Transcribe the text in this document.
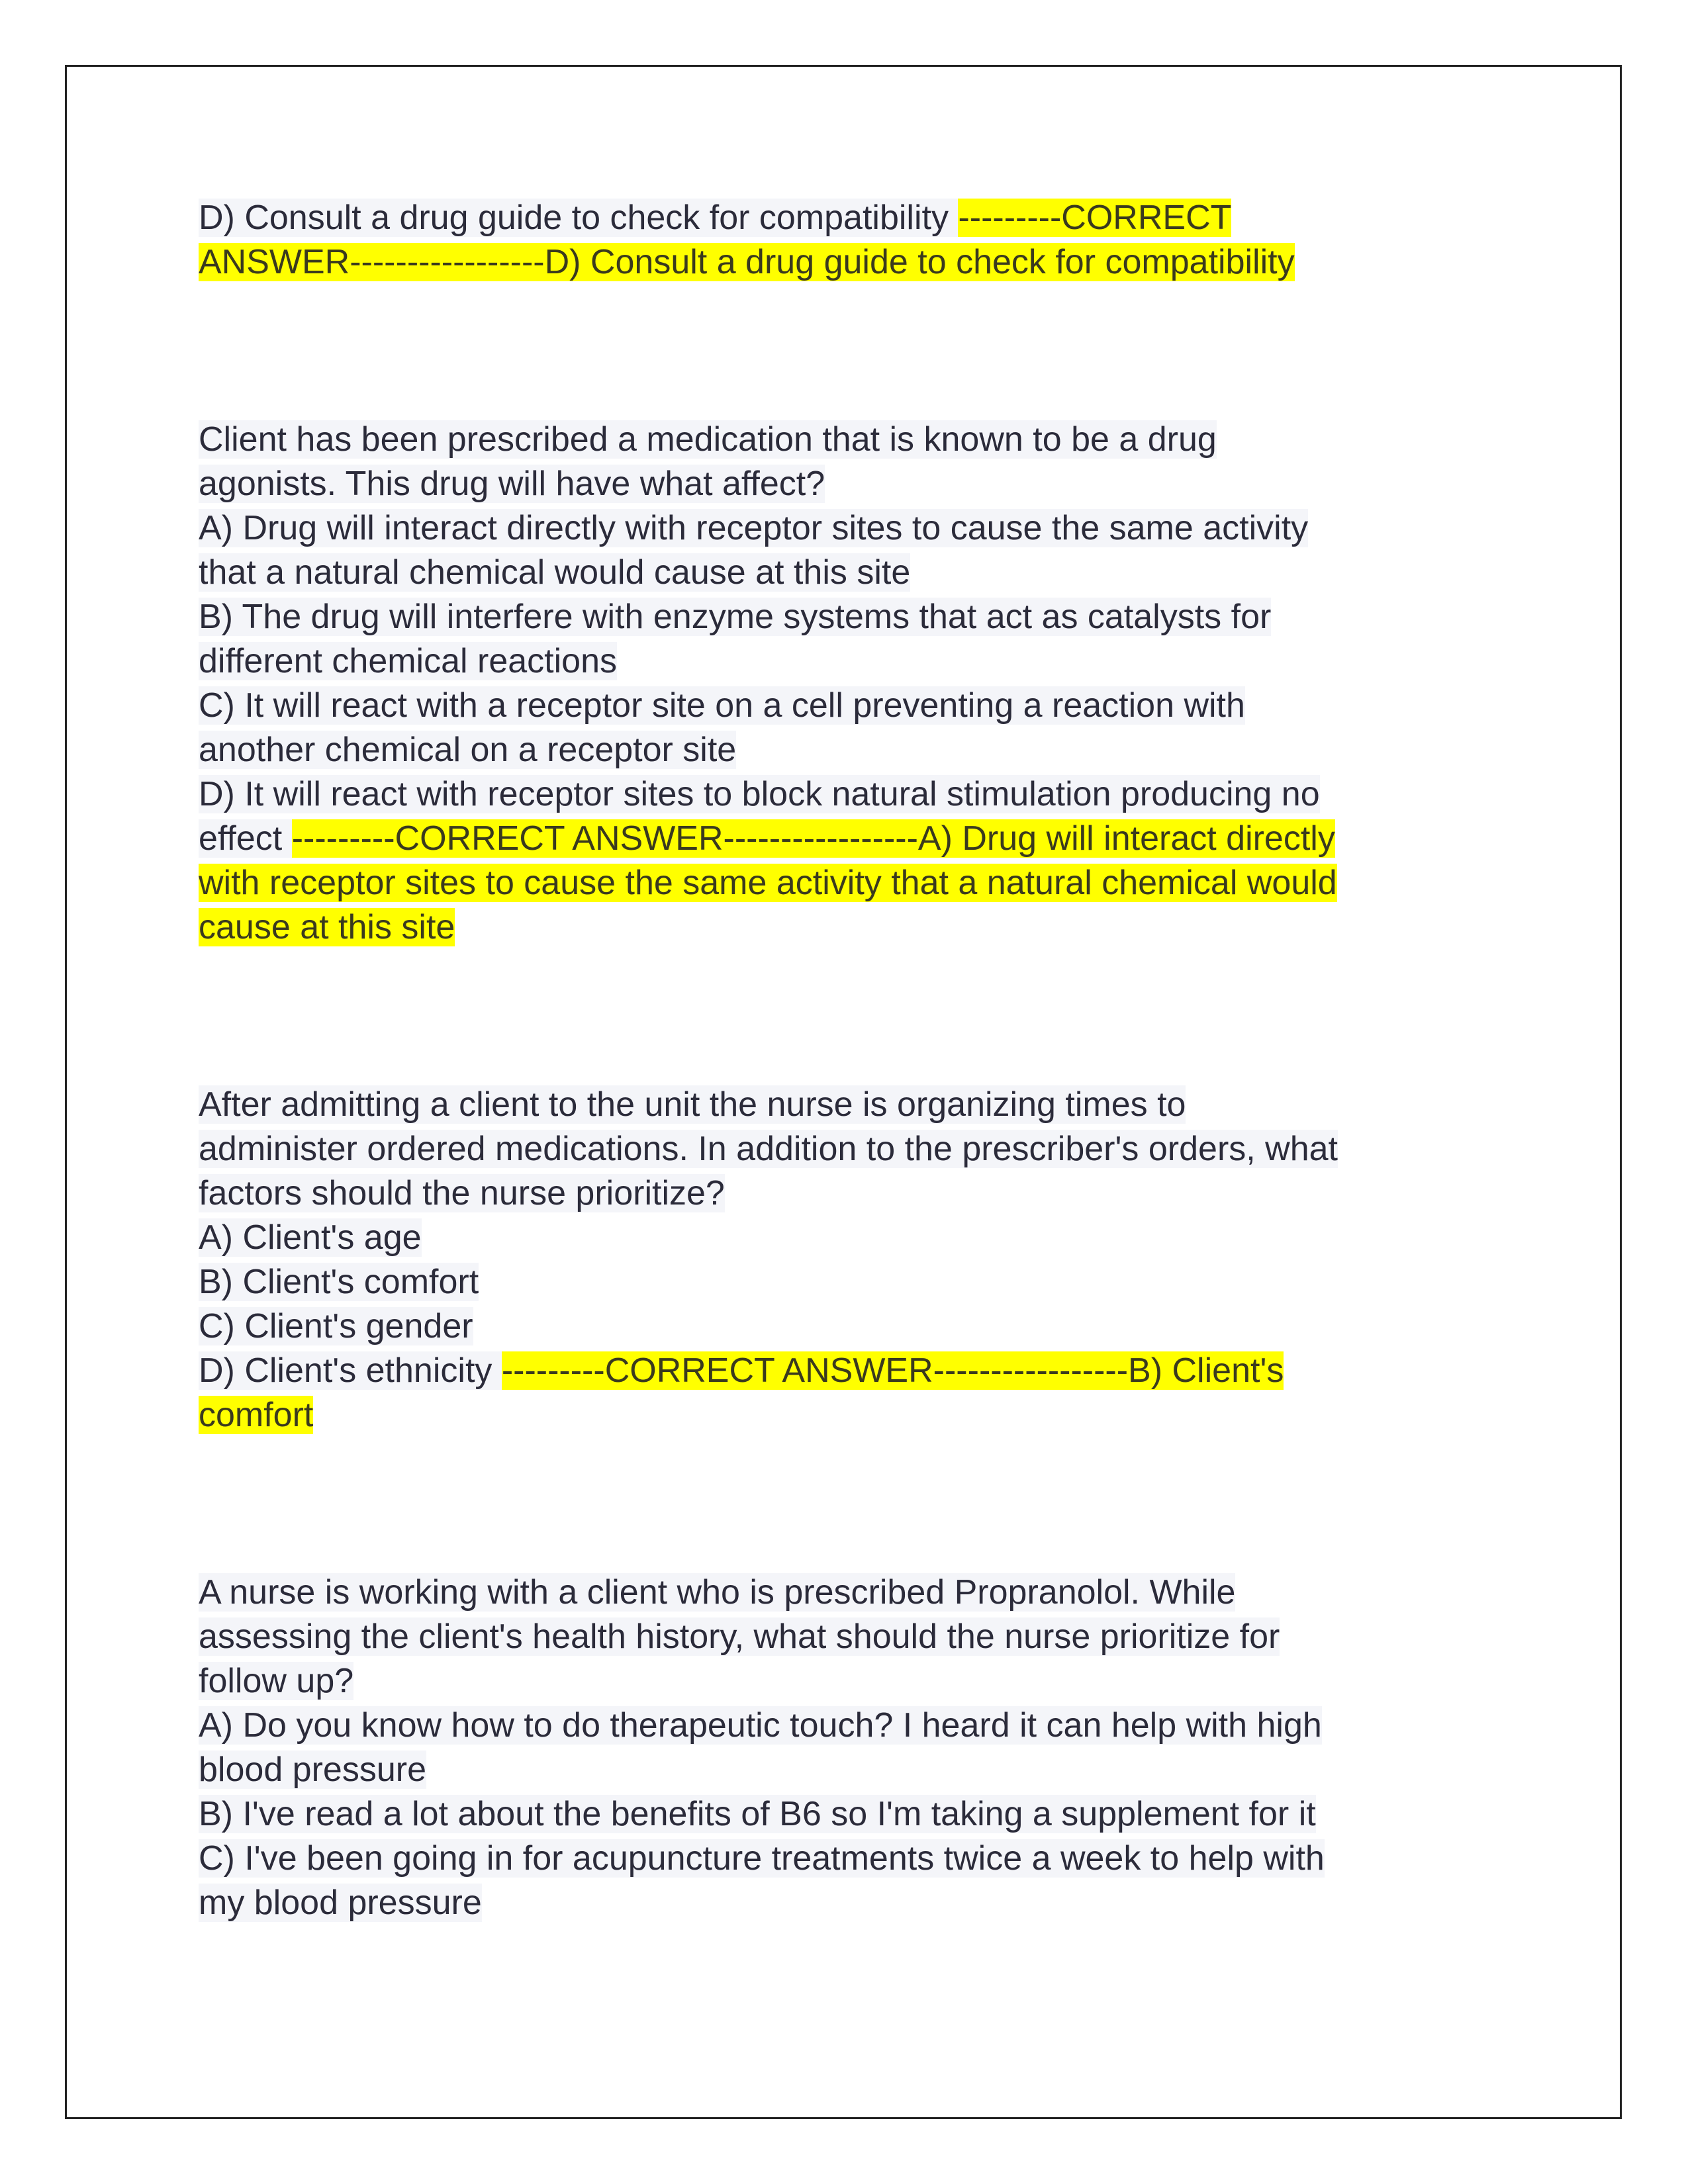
D) Consult a drug guide to check for compatibility ---------CORRECT
ANSWER-----------------D) Consult a drug guide to check for compatibility
Client has been prescribed a medication that is known to be a drug
agonists. This drug will have what affect?
A) Drug will interact directly with receptor sites to cause the same activity
that a natural chemical would cause at this site
B) The drug will interfere with enzyme systems that act as catalysts for
different chemical reactions
C) It will react with a receptor site on a cell preventing a reaction with
another chemical on a receptor site
D) It will react with receptor sites to block natural stimulation producing no
effect ---------CORRECT ANSWER-----------------A) Drug will interact directly
with receptor sites to cause the same activity that a natural chemical would
cause at this site
After admitting a client to the unit the nurse is organizing times to
administer ordered medications. In addition to the prescriber's orders, what
factors should the nurse prioritize?
A) Client's age
B) Client's comfort
C) Client's gender
D) Client's ethnicity ---------CORRECT ANSWER-----------------B) Client's
comfort
A nurse is working with a client who is prescribed Propranolol. While
assessing the client's health history, what should the nurse prioritize for
follow up?
A) Do you know how to do therapeutic touch? I heard it can help with high
blood pressure
B) I've read a lot about the benefits of B6 so I'm taking a supplement for it
C) I've been going in for acupuncture treatments twice a week to help with
my blood pressure
